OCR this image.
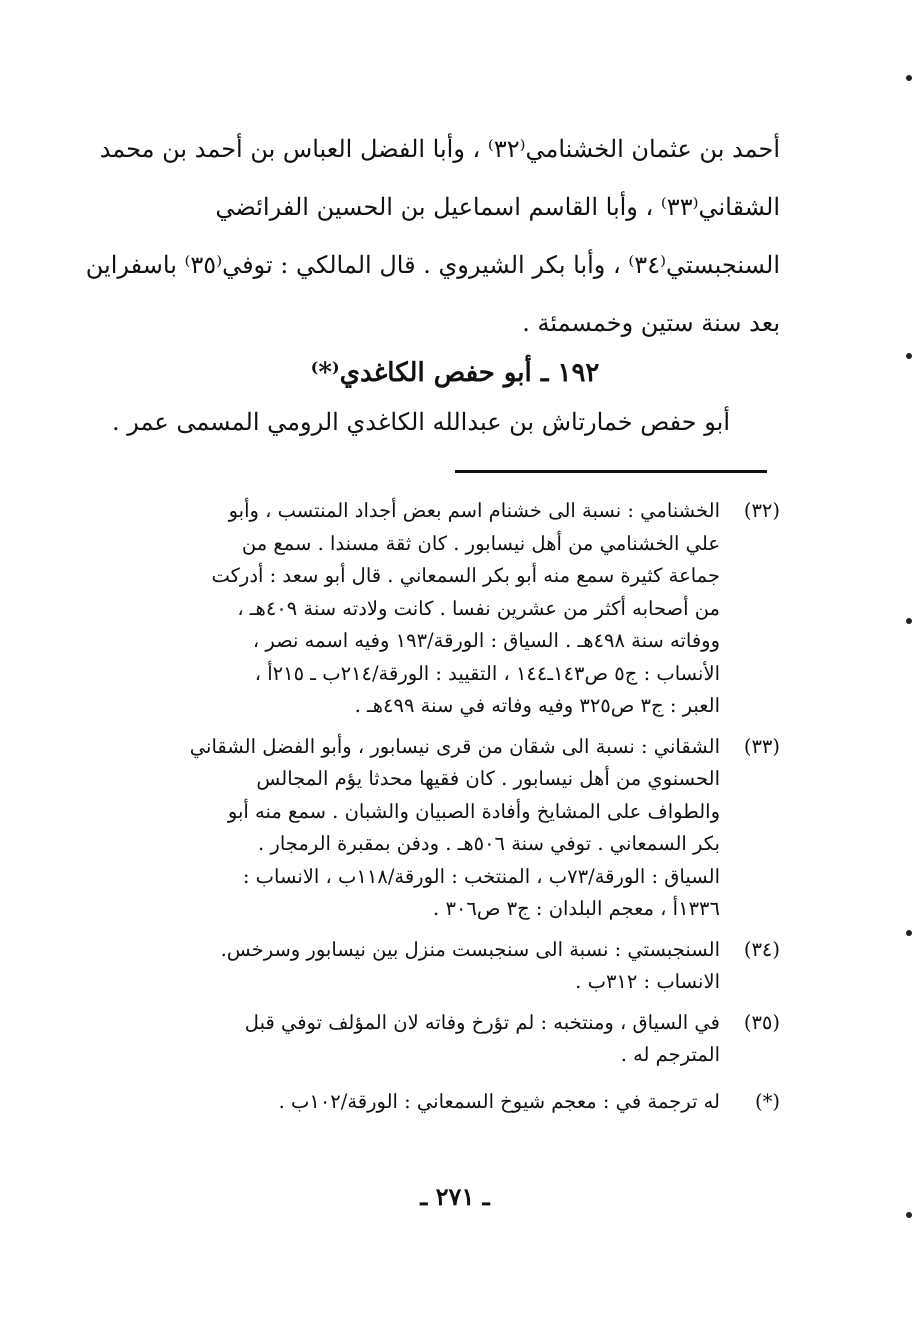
أحمد بن عثمان الخشنامي⁽٣٢⁾ ، وأبا الفضل العباس بن أحمد بن محمد
الشقاني⁽٣٣⁾ ، وأبا القاسم اسماعيل بن الحسين الفرائضي
السنجبستي⁽٣٤⁾ ، وأبا بكر الشيروي . قال المالكي : توفي⁽٣٥⁾ باسفراين
بعد سنة ستين وخمسمئة .
١٩٢ ـ أبو حفص الكاغدي⁽*⁾
أبو حفص خمارتاش بن عبدالله الكاغدي الرومي المسمى عمر .
(٣٢)
الخشنامي : نسبة الى خشنام اسم بعض أجداد المنتسب ، وأبو
علي الخشنامي من أهل نيسابور . كان ثقة مسندا . سمع من
جماعة كثيرة سمع منه أبو بكر السمعاني . قال أبو سعد : أدركت
من أصحابه أكثر من عشرين نفسا . كانت ولادته سنة ٤٠٩هـ ،
ووفاته سنة ٤٩٨هـ . السياق : الورقة/١٩٣ وفيه اسمه نصر ،
الأنساب : ج٥ ص١٤٣ـ١٤٤ ، التقييد : الورقة/٢١٤ب ـ ٢١٥أ ،
العبر : ج٣ ص٣٢٥ وفيه وفاته في سنة ٤٩٩هـ .
(٣٣)
الشقاني : نسبة الى شقان من قرى نيسابور ، وأبو الفضل الشقاني
الحسنوي من أهل نيسابور . كان فقيها محدثا يؤم المجالس
والطواف على المشايخ وأفادة الصبيان والشبان . سمع منه أبو
بكر السمعاني . توفي سنة ٥٠٦هـ . ودفن بمقبرة الرمجار .
السياق : الورقة/٧٣ب ، المنتخب : الورقة/١١٨ب ، الانساب :
١٣٣٦أ ، معجم البلدان : ج٣ ص٣٠٦ .
(٣٤)
السنجبستي : نسبة الى سنجبست منزل بين نيسابور وسرخس.
الانساب : ٣١٢ب .
(٣٥)
في السياق ، ومنتخبه : لم تؤرخ وفاته لان المؤلف توفي قبل
المترجم له .
(*)
له ترجمة في : معجم شيوخ السمعاني : الورقة/١٠٢ب .
ـ ٢٧١ ـ
